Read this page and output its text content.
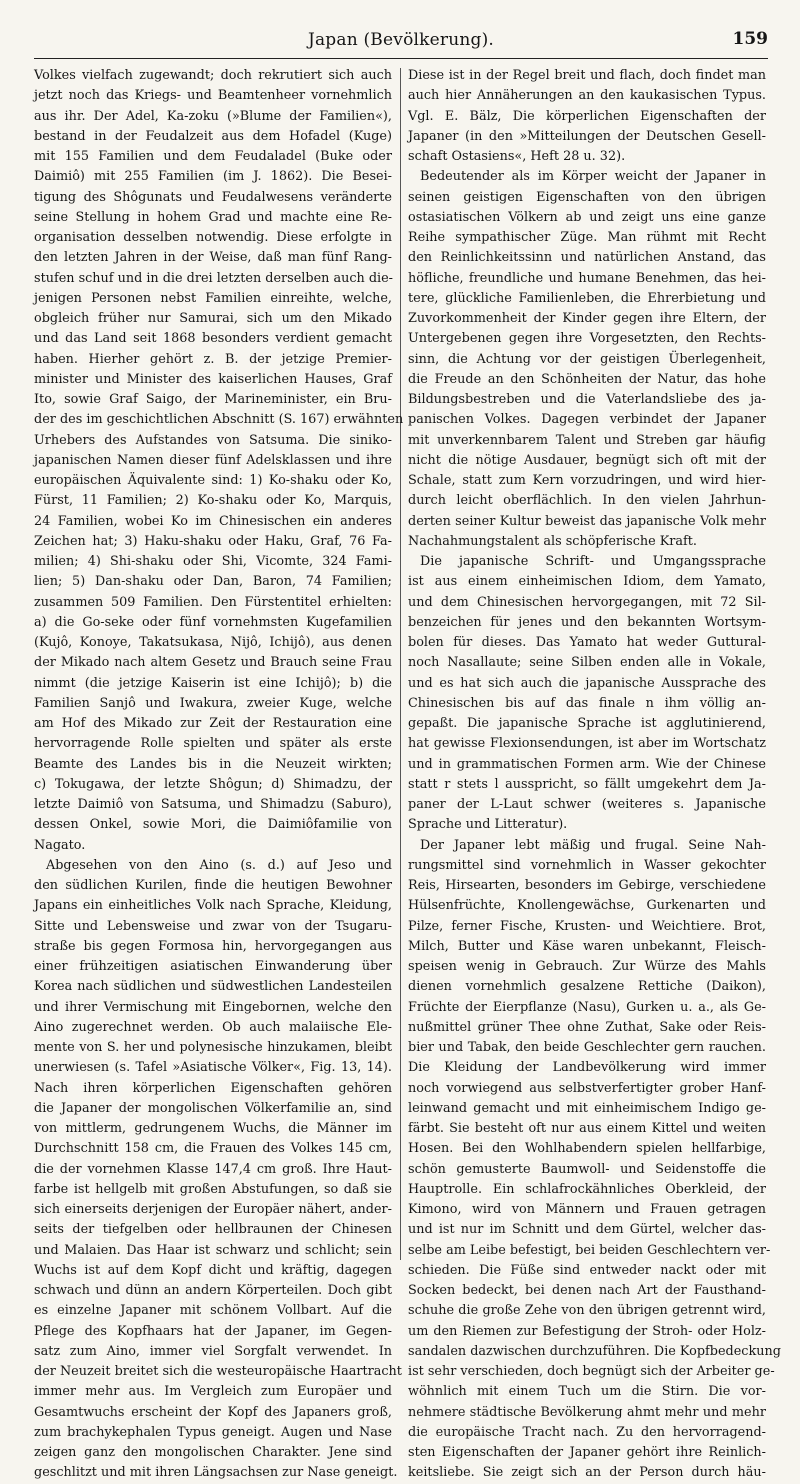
Japan (Bevölkerung).	159
Volkes vielfach zugewandt; doch rekrutiert sich auch
jetzt noch das Kriegs- und Beamtenheer vornehmlich
aus ihr. Der Adel, Ka-zoku (»Blume der Familien«),
bestand in der Feudalzeit aus dem Hofadel (Kuge)
mit 155 Familien und dem Feudaladel (Buke oder
Daimiô) mit 255 Familien (im J. 1862). Die Besei-
tigung des Shôgunats und Feudalwesens veränderte
seine Stellung in hohem Grad und machte eine Re-
organisation desselben notwendig. Diese erfolgte in
den letzten Jahren in der Weise, daß man fünf Rang-
stufen schuf und in die drei letzten derselben auch die-
jenigen Personen nebst Familien einreihte, welche,
obgleich früher nur Samurai, sich um den Mikado
und das Land seit 1868 besonders verdient gemacht
haben. Hierher gehört z. B. der jetzige Premier-
minister und Minister des kaiserlichen Hauses, Graf
Ito, sowie Graf Saigo, der Marineminister, ein Bru-
der des im geschichtlichen Abschnitt (S. 167) erwähnten
Urhebers des Aufstandes von Satsuma. Die siniko-
japanischen Namen dieser fünf Adelsklassen und ihre
europäischen Äquivalente sind: 1) Ko-shaku oder Ko,
Fürst, 11 Familien; 2) Ko-shaku oder Ko, Marquis,
24 Familien, wobei Ko im Chinesischen ein anderes
Zeichen hat; 3) Haku-shaku oder Haku, Graf, 76 Fa-
milien; 4) Shi-shaku oder Shi, Vicomte, 324 Fami-
lien; 5) Dan-shaku oder Dan, Baron, 74 Familien;
zusammen 509 Familien. Den Fürstentitel erhielten:
a) die Go-seke oder fünf vornehmsten Kugefamilien
(Kujô, Konoye, Takatsukasa, Nijô, Ichijô), aus denen
der Mikado nach altem Gesetz und Brauch seine Frau
nimmt (die jetzige Kaiserin ist eine Ichijô); b) die
Familien Sanjô und Iwakura, zweier Kuge, welche
am Hof des Mikado zur Zeit der Restauration eine
hervorragende Rolle spielten und später als erste
Beamte des Landes bis in die Neuzeit wirkten;
c) Tokugawa, der letzte Shôgun; d) Shimadzu, der
letzte Daimiô von Satsuma, und Shimadzu (Saburo),
dessen Onkel, sowie Mori, die Daimiôfamilie von
Nagato.
Abgesehen von den Aino (s. d.) auf Jeso und
den südlichen Kurilen, finde die heutigen Bewohner
Japans ein einheitliches Volk nach Sprache, Kleidung,
Sitte und Lebensweise und zwar von der Tsugaru-
straße bis gegen Formosa hin, hervorgegangen aus
einer frühzeitigen asiatischen Einwanderung über
Korea nach südlichen und südwestlichen Landesteilen
und ihrer Vermischung mit Eingebornen, welche den
Aino zugerechnet werden. Ob auch malaiische Ele-
mente von S. her und polynesische hinzukamen, bleibt
unerwiesen (s. Tafel »Asiatische Völker«, Fig. 13, 14).
Nach ihren körperlichen Eigenschaften gehören
die Japaner der mongolischen Völkerfamilie an, sind
von mittlerm, gedrungenem Wuchs, die Männer im
Durchschnitt 158 cm, die Frauen des Volkes 145 cm,
die der vornehmen Klasse 147,4 cm groß. Ihre Haut-
farbe ist hellgelb mit großen Abstufungen, so daß sie
sich einerseits derjenigen der Europäer nähert, ander-
seits der tiefgelben oder hellbraunen der Chinesen
und Malaien. Das Haar ist schwarz und schlicht; sein
Wuchs ist auf dem Kopf dicht und kräftig, dagegen
schwach und dünn an andern Körperteilen. Doch gibt
es einzelne Japaner mit schönem Vollbart. Auf die
Pflege des Kopfhaars hat der Japaner, im Gegen-
satz zum Aino, immer viel Sorgfalt verwendet. In
der Neuzeit breitet sich die westeuropäische Haartracht
immer mehr aus. Im Vergleich zum Europäer und
Gesamtwuchs erscheint der Kopf des Japaners groß,
zum brachykephalen Typus geneigt. Augen und Nase
zeigen ganz den mongolischen Charakter. Jene sind
geschlitzt und mit ihren Längsachsen zur Nase geneigt.
Diese ist in der Regel breit und flach, doch findet man
auch hier Annäherungen an den kaukasischen Typus.
Vgl. E. Bälz, Die körperlichen Eigenschaften der
Japaner (in den »Mitteilungen der Deutschen Gesell-
schaft Ostasiens«, Heft 28 u. 32).
Bedeutender als im Körper weicht der Japaner in
seinen geistigen Eigenschaften von den übrigen
ostasiatischen Völkern ab und zeigt uns eine ganze
Reihe sympathischer Züge. Man rühmt mit Recht
den Reinlichkeitssinn und natürlichen Anstand, das
höfliche, freundliche und humane Benehmen, das hei-
tere, glückliche Familienleben, die Ehrerbietung und
Zuvorkommenheit der Kinder gegen ihre Eltern, der
Untergebenen gegen ihre Vorgesetzten, den Rechts-
sinn, die Achtung vor der geistigen Überlegenheit,
die Freude an den Schönheiten der Natur, das hohe
Bildungsbestreben und die Vaterlandsliebe des ja-
panischen Volkes. Dagegen verbindet der Japaner
mit unverkennbarem Talent und Streben gar häufig
nicht die nötige Ausdauer, begnügt sich oft mit der
Schale, statt zum Kern vorzudringen, und wird hier-
durch leicht oberflächlich. In den vielen Jahrhun-
derten seiner Kultur beweist das japanische Volk mehr
Nachahmungstalent als schöpferische Kraft.
Die japanische Schrift- und Umgangssprache
ist aus einem einheimischen Idiom, dem Yamato,
und dem Chinesischen hervorgegangen, mit 72 Sil-
benzeichen für jenes und den bekannten Wortsym-
bolen für dieses. Das Yamato hat weder Guttural-
noch Nasallaute; seine Silben enden alle in Vokale,
und es hat sich auch die japanische Aussprache des
Chinesischen bis auf das finale n ihm völlig an-
gepaßt. Die japanische Sprache ist agglutinierend,
hat gewisse Flexionsendungen, ist aber im Wortschatz
und in grammatischen Formen arm. Wie der Chinese
statt r stets l ausspricht, so fällt umgekehrt dem Ja-
paner der L-Laut schwer (weiteres s. Japanische
Sprache und Litteratur).
Der Japaner lebt mäßig und frugal. Seine Nah-
rungsmittel sind vornehmlich in Wasser gekochter
Reis, Hirsearten, besonders im Gebirge, verschiedene
Hülsenfrüchte, Knollengewächse, Gurkenarten und
Pilze, ferner Fische, Krusten- und Weichtiere. Brot,
Milch, Butter und Käse waren unbekannt, Fleisch-
speisen wenig in Gebrauch. Zur Würze des Mahls
dienen vornehmlich gesalzene Rettiche (Daikon),
Früchte der Eierpflanze (Nasu), Gurken u. a., als Ge-
nußmittel grüner Thee ohne Zuthat, Sake oder Reis-
bier und Tabak, den beide Geschlechter gern rauchen.
Die Kleidung der Landbevölkerung wird immer
noch vorwiegend aus selbstverfertigter grober Hanf-
leinwand gemacht und mit einheimischem Indigo ge-
färbt. Sie besteht oft nur aus einem Kittel und weiten
Hosen. Bei den Wohlhabendern spielen hellfarbige,
schön gemusterte Baumwoll- und Seidenstoffe die
Hauptrolle. Ein schlafrockähnliches Oberkleid, der
Kimono, wird von Männern und Frauen getragen
und ist nur im Schnitt und dem Gürtel, welcher das-
selbe am Leibe befestigt, bei beiden Geschlechtern ver-
schieden. Die Füße sind entweder nackt oder mit
Socken bedeckt, bei denen nach Art der Fausthand-
schuhe die große Zehe von den übrigen getrennt wird,
um den Riemen zur Befestigung der Stroh- oder Holz-
sandalen dazwischen durchzuführen. Die Kopfbedeckung
ist sehr verschieden, doch begnügt sich der Arbeiter ge-
wöhnlich mit einem Tuch um die Stirn. Die vor-
nehmere städtische Bevölkerung ahmt mehr und mehr
die europäische Tracht nach. Zu den hervorragend-
sten Eigenschaften der Japaner gehört ihre Reinlich-
keitsliebe. Sie zeigt sich an der Person durch häu-
